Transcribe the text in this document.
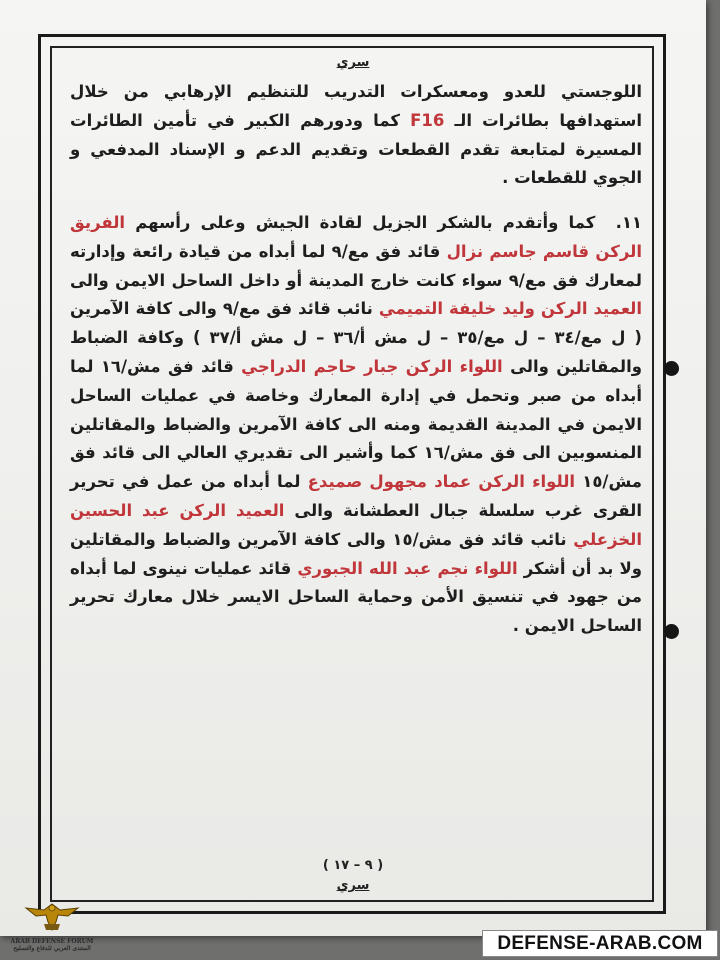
سري

اللوجستي للعدو ومعسكرات التدريب للتنظيم الإرهابي من خلال استهدافها بطائرات الـ F16 كما ودورهم الكبير في تأمين الطائرات المسيرة لمتابعة تقدم القطعات وتقديم الدعم و الإسناد المدفعي و الجوي للقطعات .

١١. كما وأتقدم بالشكر الجزيل لقادة الجيش وعلى رأسهم الفريق الركن قاسم جاسم نزال قائد فق مع/٩ لما أبداه من قيادة رائعة وإدارته لمعارك فق مع/٩ سواء كانت خارج المدينة أو داخل الساحل الايمن والى العميد الركن وليد خليفة التميمي نائب قائد فق مع/٩ والى كافة الآمرين ( ل مع/٣٤ – ل مع/٣٥ – ل مش أ/٣٦ – ل مش أ/٣٧ ) وكافة الضباط والمقاتلين والى اللواء الركن جبار حاجم الدراجي قائد فق مش/١٦ لما أبداه من صبر وتحمل في إدارة المعارك وخاصة في عمليات الساحل الايمن في المدينة القديمة ومنه الى كافة الآمرين والضباط والمقاتلين المنسوبين الى فق مش/١٦ كما وأشير الى تقديري العالي الى قائد فق مش/١٥ اللواء الركن عماد مجهول صميدع لما أبداه من عمل في تحرير القرى غرب سلسلة جبال العطشانة والى العميد الركن عبد الحسين الخزعلي نائب قائد فق مش/١٥ والى كافة الآمرين والضباط والمقاتلين ولا بد أن أشكر اللواء نجم عبد الله الجبوري قائد عمليات نينوى لما أبداه من جهود في تنسيق الأمن وحماية الساحل الايسر خلال معارك تحرير الساحل الايمن .

( ٩ – ١٧ )
سري
ARAB DEFENSE FORUM
المنتدى العربي للدفاع والتسليح	DEFENSE-ARAB.COM
